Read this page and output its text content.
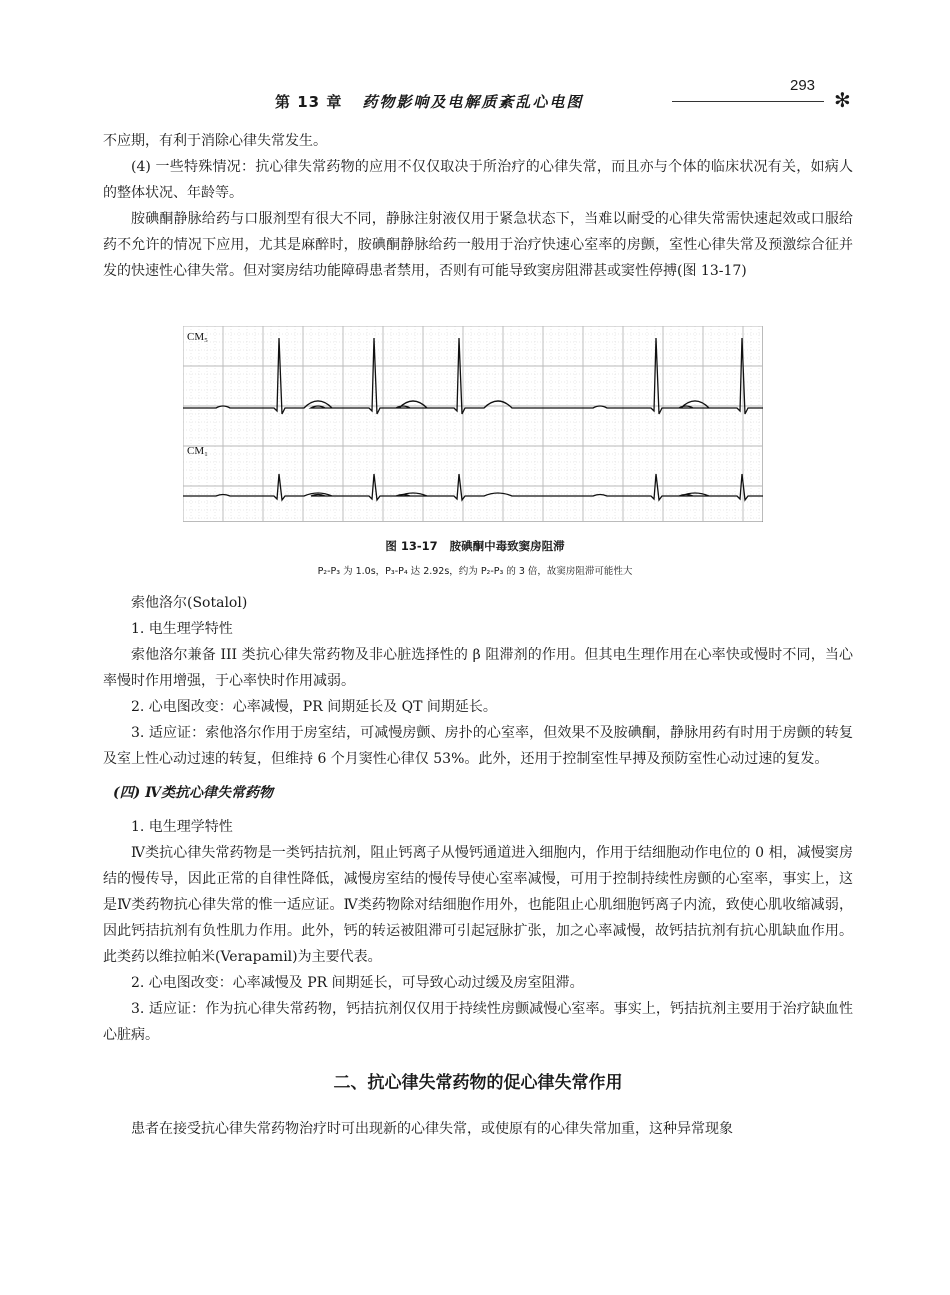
第 13 章 药物影响及电解质紊乱心电图
293
✻

不应期，有利于消除心律失常发生。

(4) 一些特殊情况：抗心律失常药物的应用不仅仅取决于所治疗的心律失常，而且亦与个体的临床状况有关，如病人的整体状况、年龄等。

胺碘酮静脉给药与口服剂型有很大不同，静脉注射液仅用于紧急状态下，当难以耐受的心律失常需快速起效或口服给药不允许的情况下应用，尤其是麻醉时，胺碘酮静脉给药一般用于治疗快速心室率的房颤，室性心律失常及预激综合征并发的快速性心律失常。但对窦房结功能障碍患者禁用，否则有可能导致窦房阻滞甚或窦性停搏(图 13-17)

CM₅
CM₁
图 13-17 胺碘酮中毒致窦房阻滞
P₂-P₃ 为 1.0s，P₃-P₄ 达 2.92s，约为 P₂-P₃ 的 3 倍，故窦房阻滞可能性大

索他洛尔(Sotalol)

1. 电生理学特性

索他洛尔兼备 III 类抗心律失常药物及非心脏选择性的 β 阻滞剂的作用。但其电生理作用在心率快或慢时不同，当心率慢时作用增强，于心率快时作用减弱。

2. 心电图改变：心率减慢，PR 间期延长及 QT 间期延长。

3. 适应证：索他洛尔作用于房室结，可减慢房颤、房扑的心室率，但效果不及胺碘酮，静脉用药有时用于房颤的转复及室上性心动过速的转复，但维持 6 个月窦性心律仅 53%。此外，还用于控制室性早搏及预防室性心动过速的复发。

(四) Ⅳ类抗心律失常药物

1. 电生理学特性

Ⅳ类抗心律失常药物是一类钙拮抗剂，阻止钙离子从慢钙通道进入细胞内，作用于结细胞动作电位的 0 相，减慢窦房结的慢传导，因此正常的自律性降低，减慢房室结的慢传导使心室率减慢，可用于控制持续性房颤的心室率，事实上，这是Ⅳ类药物抗心律失常的惟一适应证。Ⅳ类药物除对结细胞作用外，也能阻止心肌细胞钙离子内流，致使心肌收缩减弱，因此钙拮抗剂有负性肌力作用。此外，钙的转运被阻滞可引起冠脉扩张，加之心率减慢，故钙拮抗剂有抗心肌缺血作用。此类药以维拉帕米(Verapamil)为主要代表。

2. 心电图改变：心率减慢及 PR 间期延长，可导致心动过缓及房室阻滞。

3. 适应证：作为抗心律失常药物，钙拮抗剂仅仅用于持续性房颤减慢心室率。事实上，钙拮抗剂主要用于治疗缺血性心脏病。

二、抗心律失常药物的促心律失常作用

患者在接受抗心律失常药物治疗时可出现新的心律失常，或使原有的心律失常加重，这种异常现象
